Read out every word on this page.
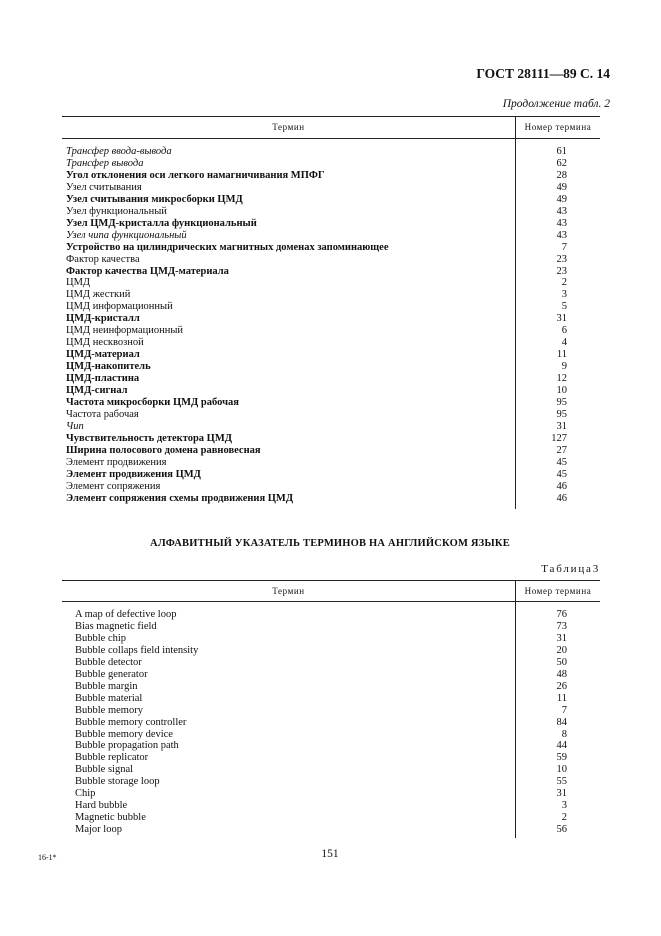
ГОСТ 28111—89 С. 14
Продолжение табл. 2
Термин	Номер термина
Трансфер ввода-вывода	61
Трансфер вывода	62
Угол отклонения оси легкого намагничивания МПФГ	28
Узел считывания	49
Узел считывания микросборки ЦМД	49
Узел функциональный	43
Узел ЦМД-кристалла функциональный	43
Узел чипа функциональный	43
Устройство на цилиндрических магнитных доменах запоминающее	7
Фактор качества	23
Фактор качества ЦМД-материала	23
ЦМД	2
ЦМД жесткий	3
ЦМД информационный	5
ЦМД-кристалл	31
ЦМД неинформационный	6
ЦМД несквозной	4
ЦМД-материал	11
ЦМД-накопитель	9
ЦМД-пластина	12
ЦМД-сигнал	10
Частота микросборки ЦМД рабочая	95
Частота рабочая	95
Чип	31
Чувствительность детектора ЦМД	127
Ширина полосового домена равновесная	27
Элемент продвижения	45
Элемент продвижения ЦМД	45
Элемент сопряжения	46
Элемент сопряжения схемы продвижения ЦМД	46
АЛФАВИТНЫЙ УКАЗАТЕЛЬ ТЕРМИНОВ НА АНГЛИЙСКОМ ЯЗЫКЕ
Таблица3
Термин	Номер термина
A map of defective loop	76
Bias magnetic field	73
Bubble chip	31
Bubble collaps field intensity	20
Bubble detector	50
Bubble generator	48
Bubble margin	26
Bubble material	11
Bubble memory	7
Bubble memory controller	84
Bubble memory device	8
Bubble propagation path	44
Bubble replicator	59
Bubble signal	10
Bubble storage loop	55
Chip	31
Hard bubble	3
Magnetic bubble	2
Major loop	56
16-1*	151
